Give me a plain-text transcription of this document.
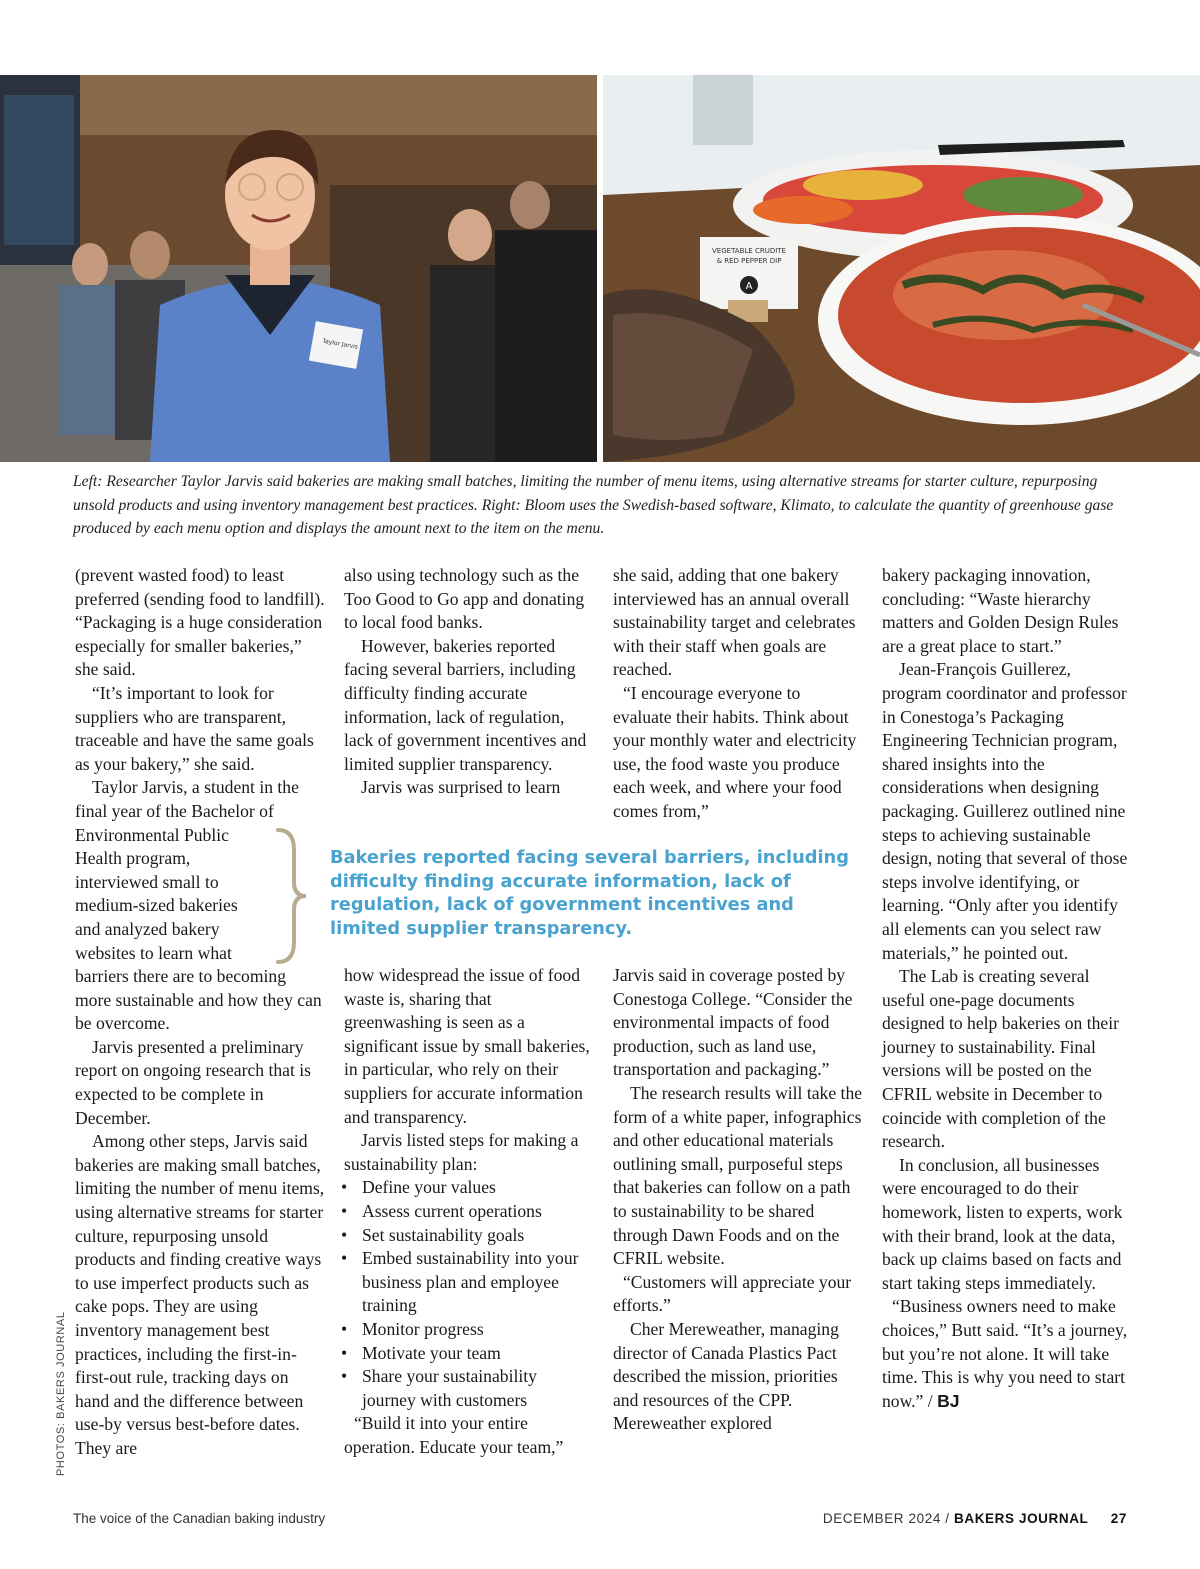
Taylor Jarvis
VEGETABLE CRUDITE
& RED PEPPER DIP
A
Left: Researcher Taylor Jarvis said bakeries are making small batches, limiting the number of menu items, using alternative streams for starter culture, repurposing unsold products and using inventory management best practices. Right: Bloom uses the Swedish-based software, Klimato, to calculate the quantity of greenhouse gase produced by each menu option and displays the amount next to the item on the menu.

(prevent wasted food) to least preferred (sending food to landfill). “Packaging is a huge consideration especially for smaller bakeries,” she said.

“It’s important to look for suppliers who are transparent, traceable and have the same goals as your bakery,” she said.

Taylor Jarvis, a student in the final year of the Bachelor of

Environmental Public
Health program,
interviewed small to
medium-sized bakeries
and analyzed bakery
websites to learn what

barriers there are to becoming more sustainable and how they can be overcome.

Jarvis presented a preliminary report on ongoing research that is expected to be complete in December.

Among other steps, Jarvis said bakeries are making small batches, limiting the number of menu items, using alternative streams for starter culture, repurposing unsold products and finding creative ways to use imperfect products such as cake pops. They are using inventory management best practices, including the first-in-first-out rule, tracking days on hand and the difference between use-by versus best-before dates. They are

also using technology such as the Too Good to Go app and donating to local food banks.

However, bakeries reported facing several barriers, including difficulty finding accurate information, lack of regulation, lack of government incentives and limited supplier transparency.

Jarvis was surprised to learn

how widespread the issue of food waste is, sharing that greenwashing is seen as a significant issue by small bakeries, in particular, who rely on their suppliers for accurate information and transparency.

Jarvis listed steps for making a sustainability plan:

• Define your values
• Assess current operations
• Set sustainability goals
• Embed sustainability into your business plan and employee training
• Monitor progress
• Motivate your team
• Share your sustainability journey with customers

“Build it into your entire operation. Educate your team,”

she said, adding that one bakery interviewed has an annual overall sustainability target and celebrates with their staff when goals are reached.

“I encourage everyone to evaluate their habits. Think about your monthly water and electricity use, the food waste you produce each week, and where your food comes from,”

Jarvis said in coverage posted by Conestoga College. “Consider the environmental impacts of food production, such as land use, transportation and packaging.”

The research results will take the form of a white paper, infographics and other educational materials outlining small, purposeful steps that bakeries can follow on a path to sustainability to be shared through Dawn Foods and on the CFRIL website.

“Customers will appreciate your efforts.”

Cher Mereweather, managing director of Canada Plastics Pact described the mission, priorities and resources of the CPP. Mereweather explored

bakery packaging innovation, concluding: “Waste hierarchy matters and Golden Design Rules are a great place to start.”

Jean-François Guillerez, program coordinator and professor in Conestoga’s Packaging Engineering Technician program, shared insights into the considerations when designing packaging. Guillerez outlined nine steps to achieving sustainable design, noting that several of those steps involve identifying, or learning. “Only after you identify all elements can you select raw materials,” he pointed out.

The Lab is creating several useful one-page documents designed to help bakeries on their journey to sustainability. Final versions will be posted on the CFRIL website in December to coincide with completion of the research.

In conclusion, all businesses were encouraged to do their homework, listen to experts, work with their brand, look at the data, back up claims based on facts and start taking steps immediately.

“Business owners need to make choices,” Butt said. “It’s a journey, but you’re not alone. It will take time. This is why you need to start now.” / BJ

Bakeries reported facing several barriers, including difficulty finding accurate information, lack of regulation, lack of government incentives and limited supplier transparency.
PHOTOS: BAKERS JOURNAL
The voice of the Canadian baking industry	DECEMBER 2024 / BAKERS JOURNAL 27
